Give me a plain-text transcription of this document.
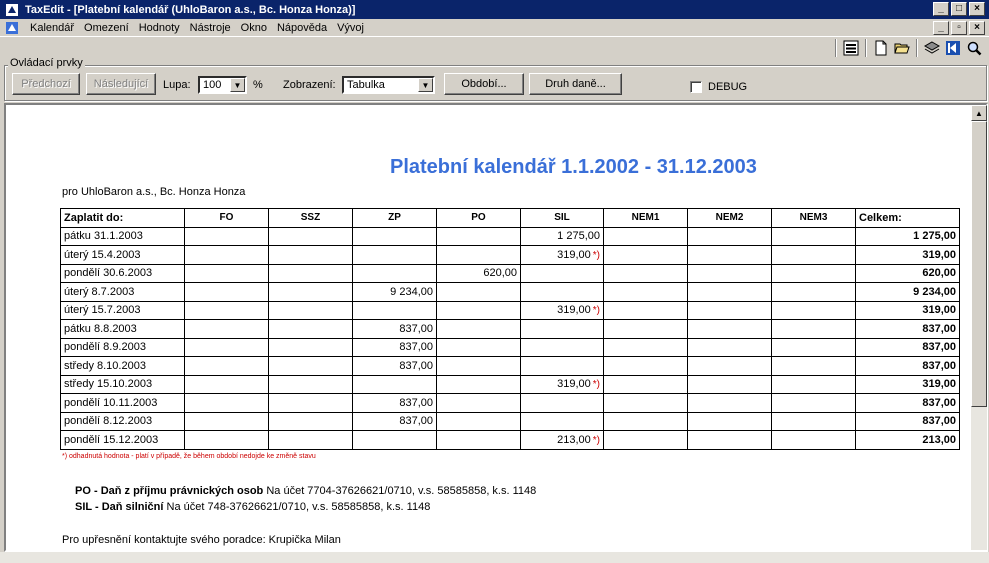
TaxEdit - [Platební kalendář (UhloBaron a.s., Bc. Honza Honza)]	_	□	×
Kalendář Omezení Hodnoty Nástroje Okno Nápověda Vývoj	_	▫	×
Ovládací prvky
Předchozí	Následující	Lupa: 100	▼	% Zobrazení: Tabulka	▼	Období...	Druh daně...	DEBUG
▲
Platební kalendář 1.1.2002 - 31.12.2003
pro UhloBaron a.s., Bc. Honza Honza
Zaplatit do:	FO	SSZ	ZP	PO	SIL	NEM1	NEM2	NEM3	Celkem:
pátku 31.1.2003					1 275,00				1 275,00
úterý 15.4.2003					319,00 *)				319,00
pondělí 30.6.2003				620,00					620,00
úterý 8.7.2003			9 234,00						9 234,00
úterý 15.7.2003					319,00 *)				319,00
pátku 8.8.2003			837,00						837,00
pondělí 8.9.2003			837,00						837,00
středy 8.10.2003			837,00						837,00
středy 15.10.2003					319,00 *)				319,00
pondělí 10.11.2003			837,00						837,00
pondělí 8.12.2003			837,00						837,00
pondělí 15.12.2003					213,00 *)				213,00
*) odhadnutá hodnota - platí v případě, že během období nedojde ke změně stavu
PO - Daň z příjmu právnických osob Na účet 7704-37626621/0710, v.s. 58585858, k.s. 1148
SIL - Daň silniční Na účet 748-37626621/0710, v.s. 58585858, k.s. 1148
Pro upřesnění kontaktujte svého poradce: Krupička Milan
